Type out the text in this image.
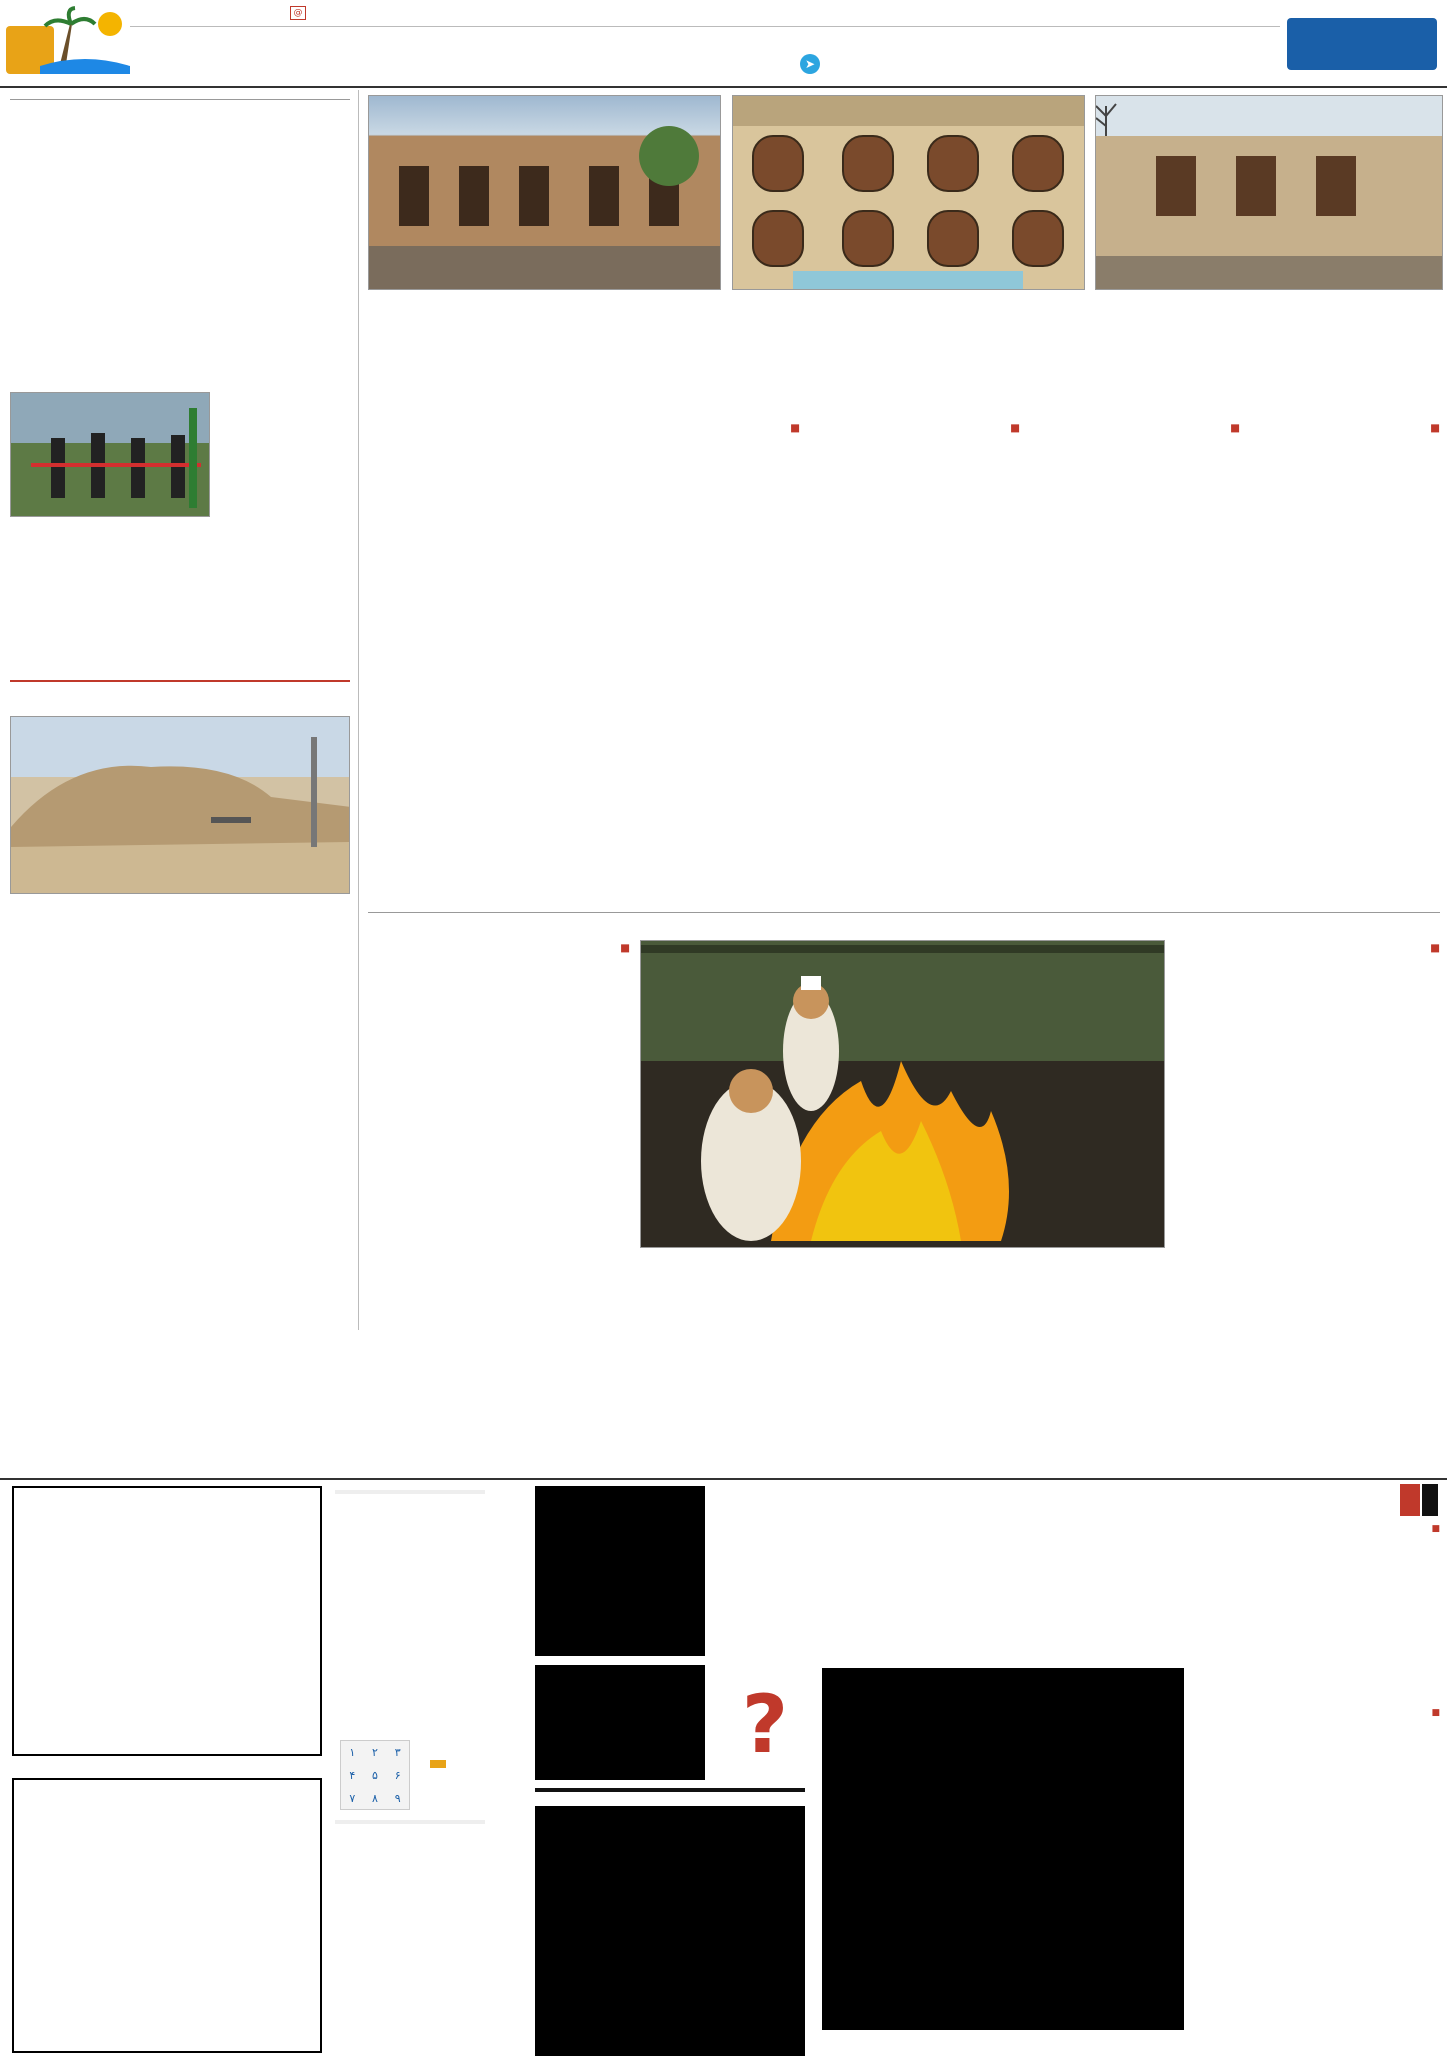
➤
@
■

■

■

■

■

■

■
■
?
۱	۲	۳
۴	۵	۶
۷	۸	۹
